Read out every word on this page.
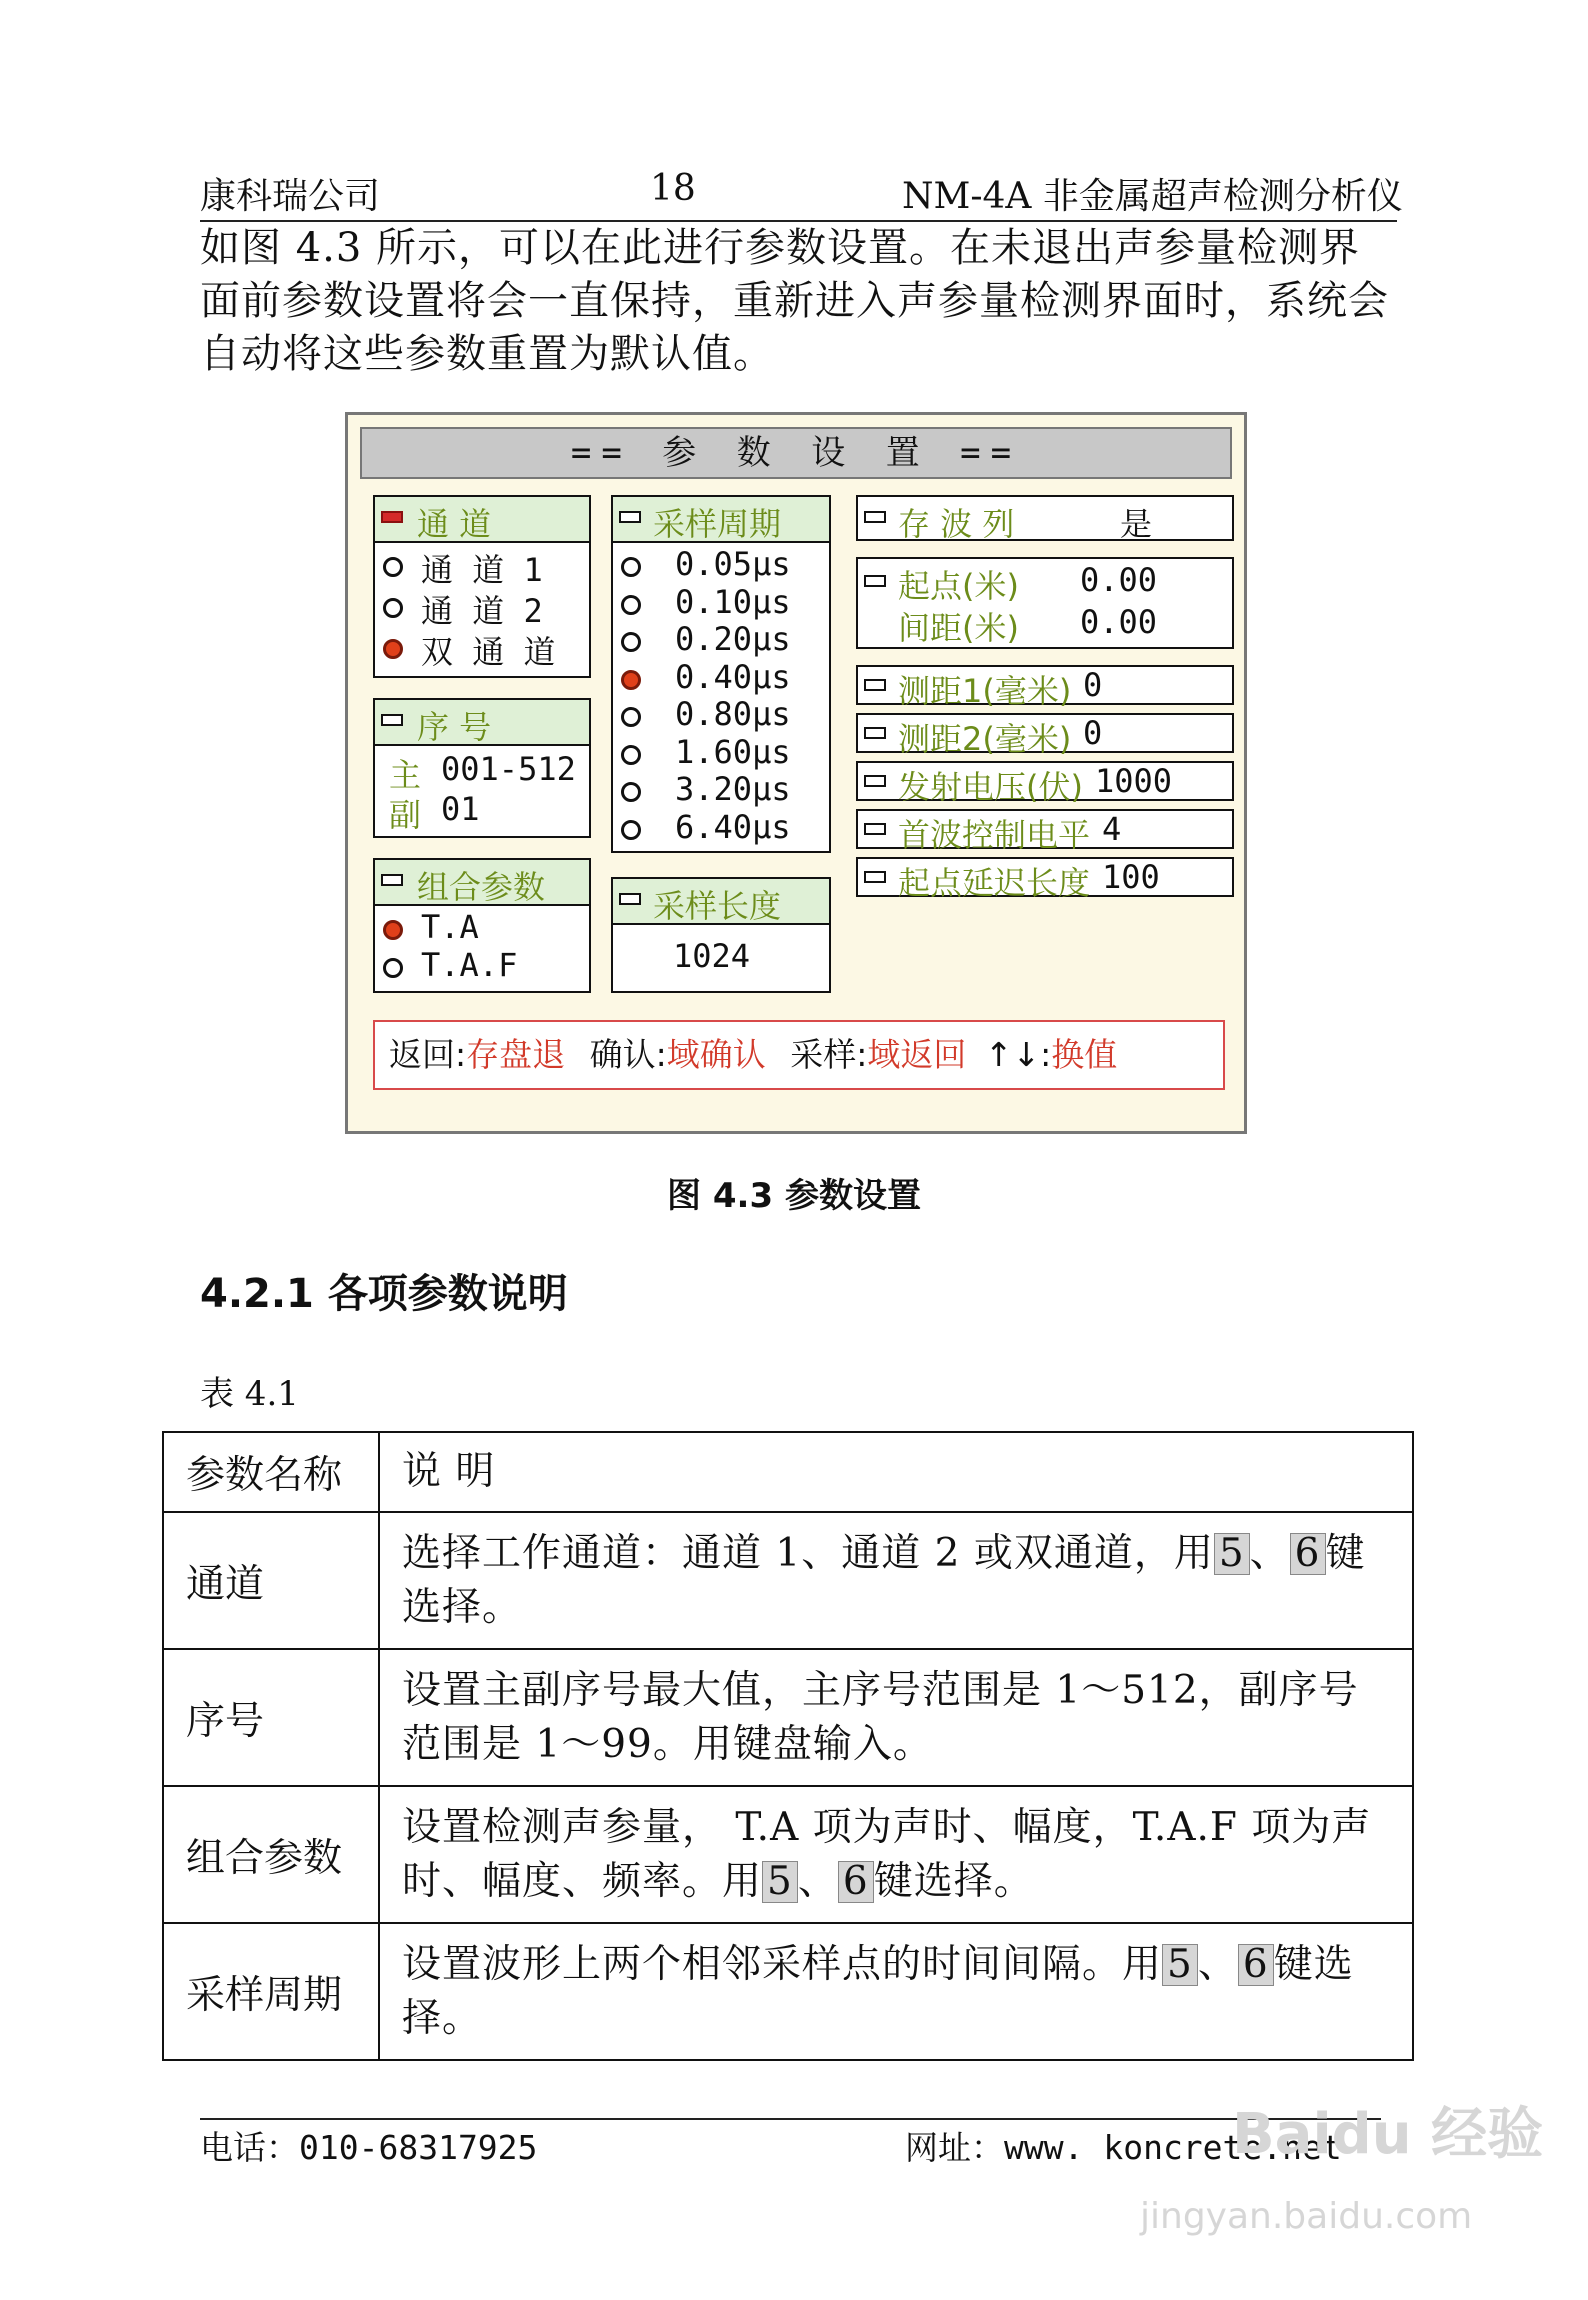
康科瑞公司	18	NM-4A 非金属超声检测分析仪
如图 4.3 所示，可以在此进行参数设置。在未退出声参量检测界面前参数设置将会一直保持，重新进入声参量检测界面时，系统会自动将这些参数重置为默认值。
== 参 数 设 置 ==
通 道
通 道 1
通 道 2
双 通 道
序 号
主 001-512
副 01
组合参数
T.A
T.A.F
采样周期
0.05μs
0.10μs
0.20μs
0.40μs
0.80μs
1.60μs
3.20μs
6.40μs
采样长度
1024
存 波 列	是
起点(米) 0.00
间距(米) 0.00
测距1(毫米) 0
测距2(毫米) 0
发射电压(伏) 1000
首波控制电平 4
起点延迟长度 100
返回:存盘退 确认:域确认 采样:域返回 ↑↓:换值
图 4.3 参数设置
4.2.1 各项参数说明
表 4.1
参数名称	说 明
通道	选择工作通道：通道 1、通道 2 或双通道，用 5 、 6 键选择。
序号	设置主副序号最大值，主序号范围是 1～512，副序号范围是 1～99。用键盘输入。
组合参数	设置检测声参量， T.A 项为声时、幅度，T.A.F 项为声时、幅度、频率。用 5 、 6 键选择。
采样周期	设置波形上两个相邻采样点的时间间隔。用 5 、 6 键选择。
电话：010-68317925	网址：www. koncrete.net
Baidu 经验
jingyan.baidu.com
